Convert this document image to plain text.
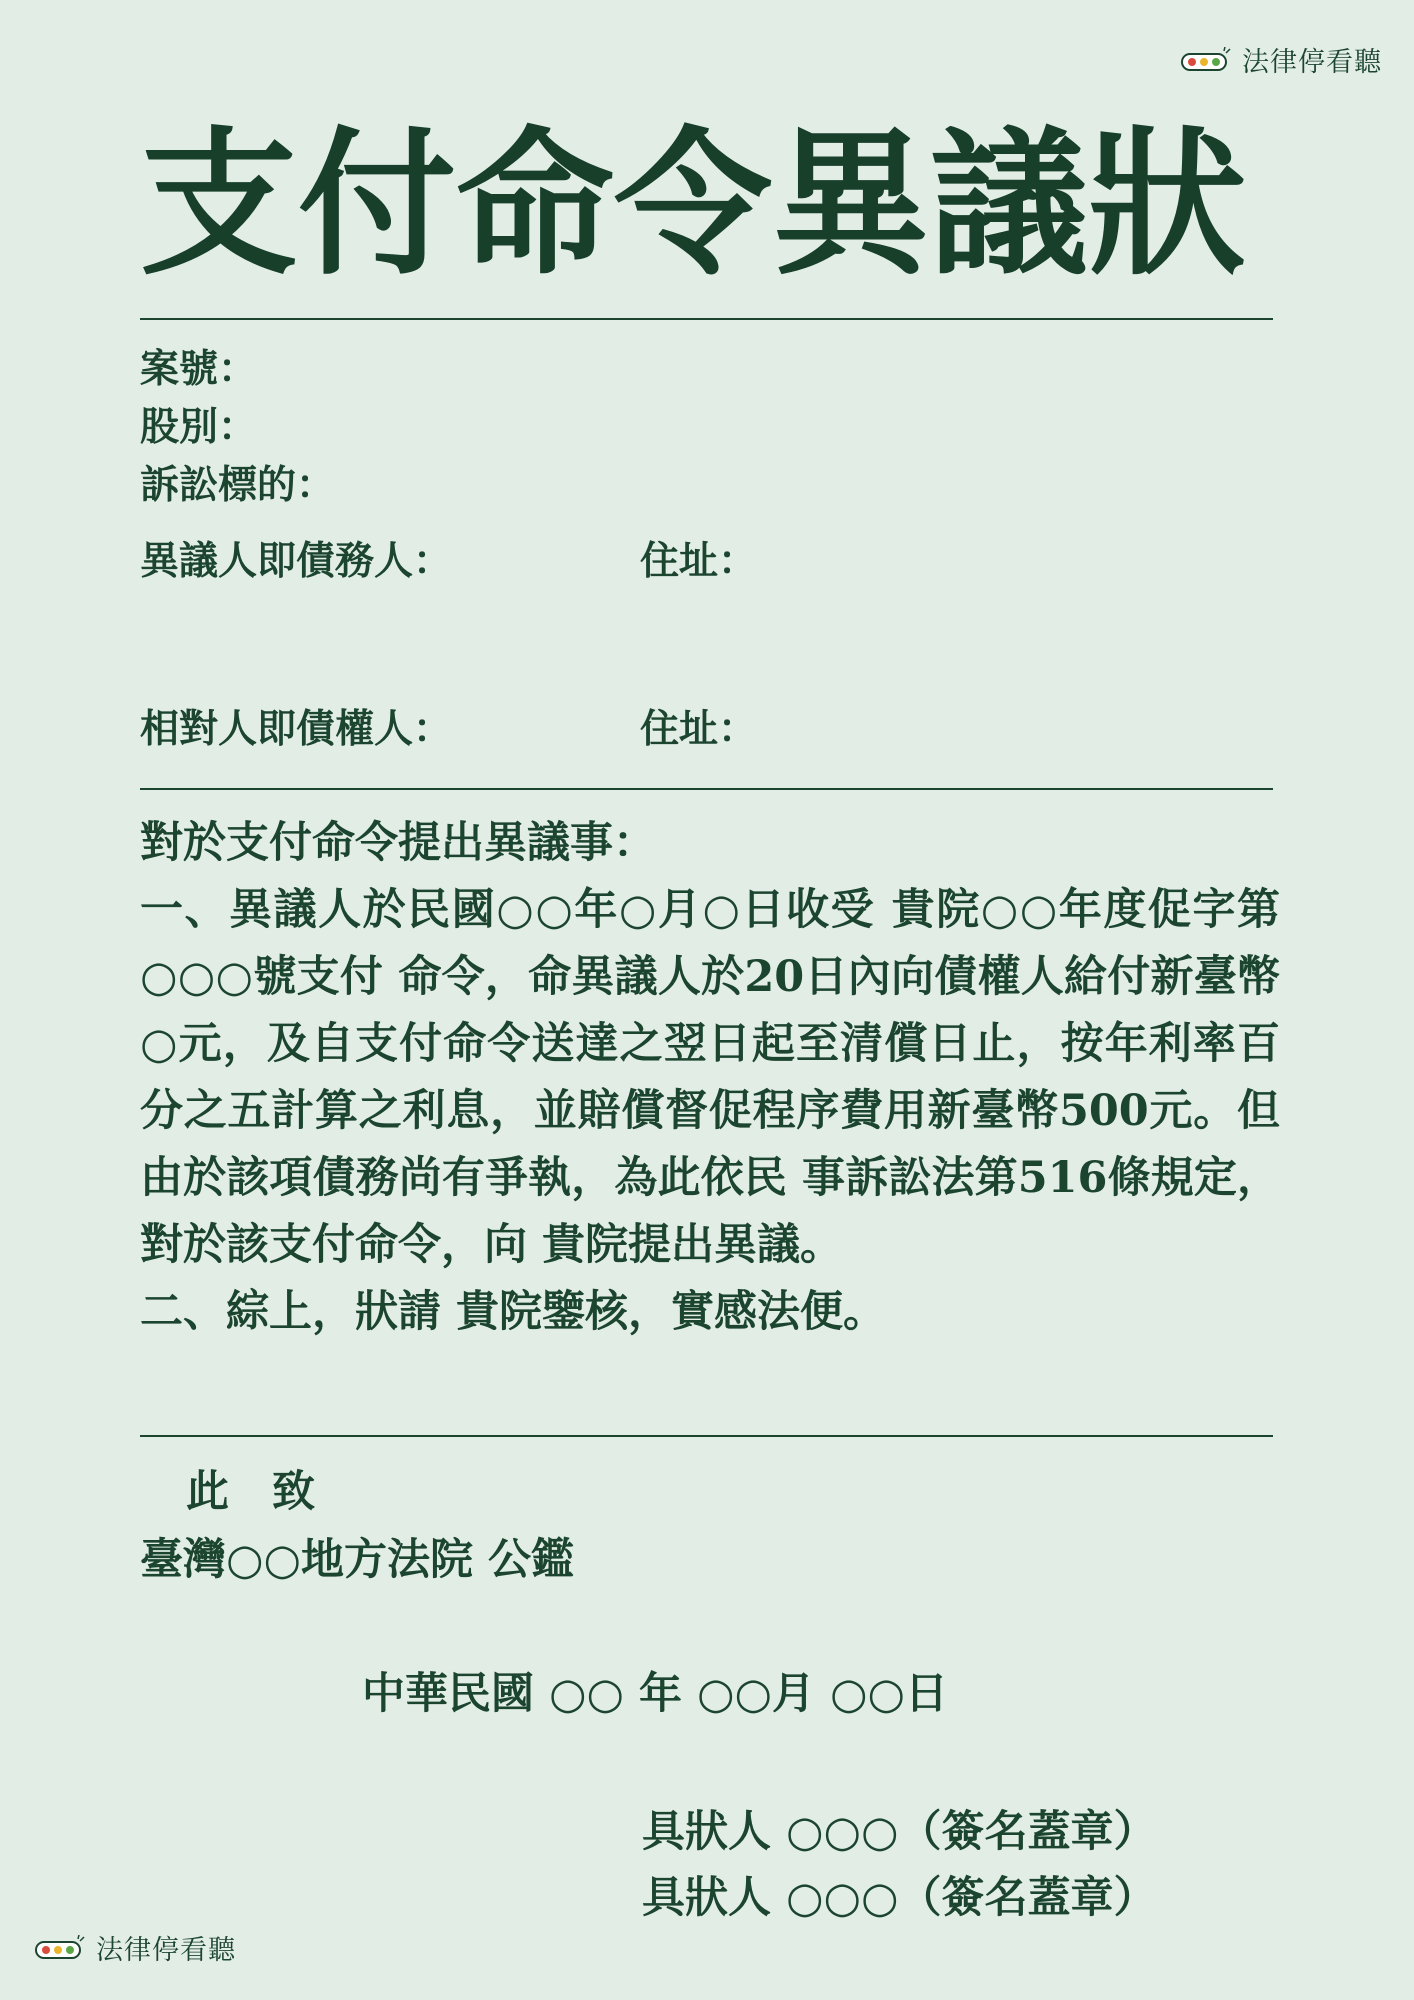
法律停看聽
支付命令異議狀
案號：
股別：
訴訟標的：
異議人即債務人：	住址：
相對人即債權人：	住址：

對於支付命令提出異議事：

一、異議人於民國○○年○月○日收受 貴院○○年度促字第○○○號支付 命令，命異議人於20日內向債權人給付新臺幣○元，及自支付命令送達之翌日起至清償日止，按年利率百分之五計算之利息，並賠償督促程序費用新臺幣500元。但由於該項債務尚有爭執，為此依民 事訴訟法第516條規定，對於該支付命令，向 貴院提出異議。

二、綜上，狀請 貴院鑒核，實感法便。

此　致
臺灣○○地方法院 公鑑
中華民國 ○○ 年 ○○月 ○○日
具狀人 ○○○（簽名蓋章）
具狀人 ○○○（簽名蓋章）
法律停看聽
